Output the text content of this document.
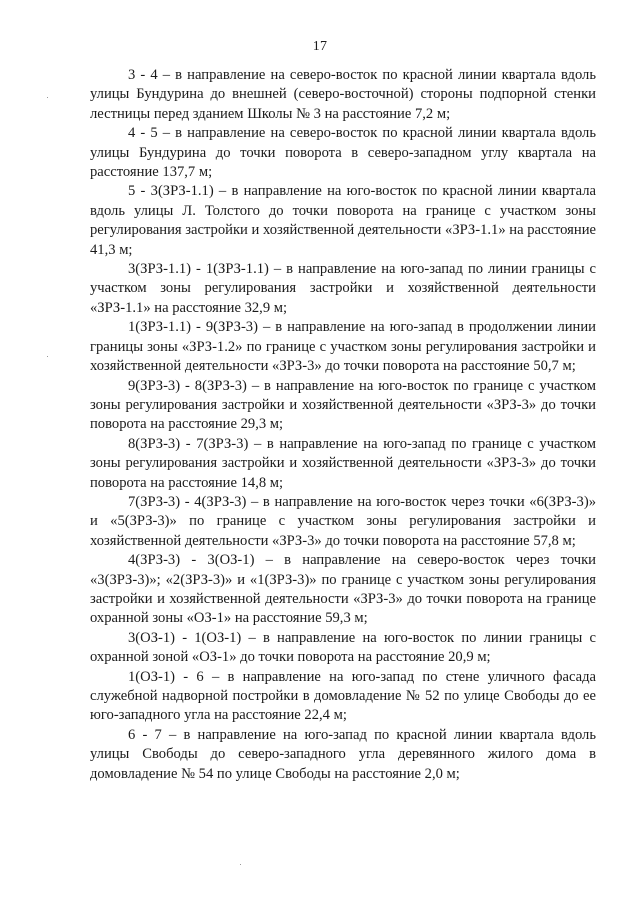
17

3 - 4 – в направление на северо-восток по красной линии квартала вдоль улицы Бундурина до внешней (северо-восточной) стороны подпорной стенки лестницы перед зданием Школы № 3 на расстояние 7,2 м;

4 - 5 – в направление на северо-восток по красной линии квартала вдоль улицы Бундурина до точки поворота в северо-западном углу квартала на расстояние 137,7 м;

5 - 3(ЗРЗ-1.1) – в направление на юго-восток по красной линии квартала вдоль улицы Л. Толстого до точки поворота на границе с участком зоны регулирования застройки и хозяйственной деятельности «ЗРЗ-1.1» на расстояние 41,3 м;

3(ЗРЗ-1.1) - 1(ЗРЗ-1.1) – в направление на юго-запад по линии границы с участком зоны регулирования застройки и хозяйственной деятельности «ЗРЗ-1.1» на расстояние 32,9 м;

1(ЗРЗ-1.1) - 9(ЗРЗ-3) – в направление на юго-запад в продолжении линии границы зоны «ЗРЗ-1.2» по границе с участком зоны регулирования застройки и хозяйственной деятельности «ЗРЗ-3» до точки поворота на расстояние 50,7 м;

9(ЗРЗ-3) - 8(ЗРЗ-3) – в направление на юго-восток по границе с участком зоны регулирования застройки и хозяйственной деятельности «ЗРЗ-3» до точки поворота на расстояние 29,3 м;

8(ЗРЗ-3) - 7(ЗРЗ-3) – в направление на юго-запад по границе с участком зоны регулирования застройки и хозяйственной деятельности «ЗРЗ-3» до точки поворота на расстояние 14,8 м;

7(ЗРЗ-3) - 4(ЗРЗ-3) – в направление на юго-восток через точки «6(ЗРЗ-3)» и «5(ЗРЗ-3)» по границе с участком зоны регулирования застройки и хозяйственной деятельности «ЗРЗ-3» до точки поворота на расстояние 57,8 м;

4(ЗРЗ-3) - 3(ОЗ-1) – в направление на северо-восток через точки «3(ЗРЗ-3)»; «2(ЗРЗ-3)» и «1(ЗРЗ-3)» по границе с участком зоны регулирования застройки и хозяйственной деятельности «ЗРЗ-3» до точки поворота на границе охранной зоны «ОЗ-1» на расстояние 59,3 м;

3(ОЗ-1) - 1(ОЗ-1) – в направление на юго-восток по линии границы с охранной зоной «ОЗ-1» до точки поворота на расстояние 20,9 м;

1(ОЗ-1) - 6 – в направление на юго-запад по стене уличного фасада служебной надворной постройки в домовладение № 52 по улице Свободы до ее юго-западного угла на расстояние 22,4 м;

6 - 7 – в направление на юго-запад по красной линии квартала вдоль улицы Свободы до северо-западного угла деревянного жилого дома в домовладение № 54 по улице Свободы на расстояние 2,0 м;
